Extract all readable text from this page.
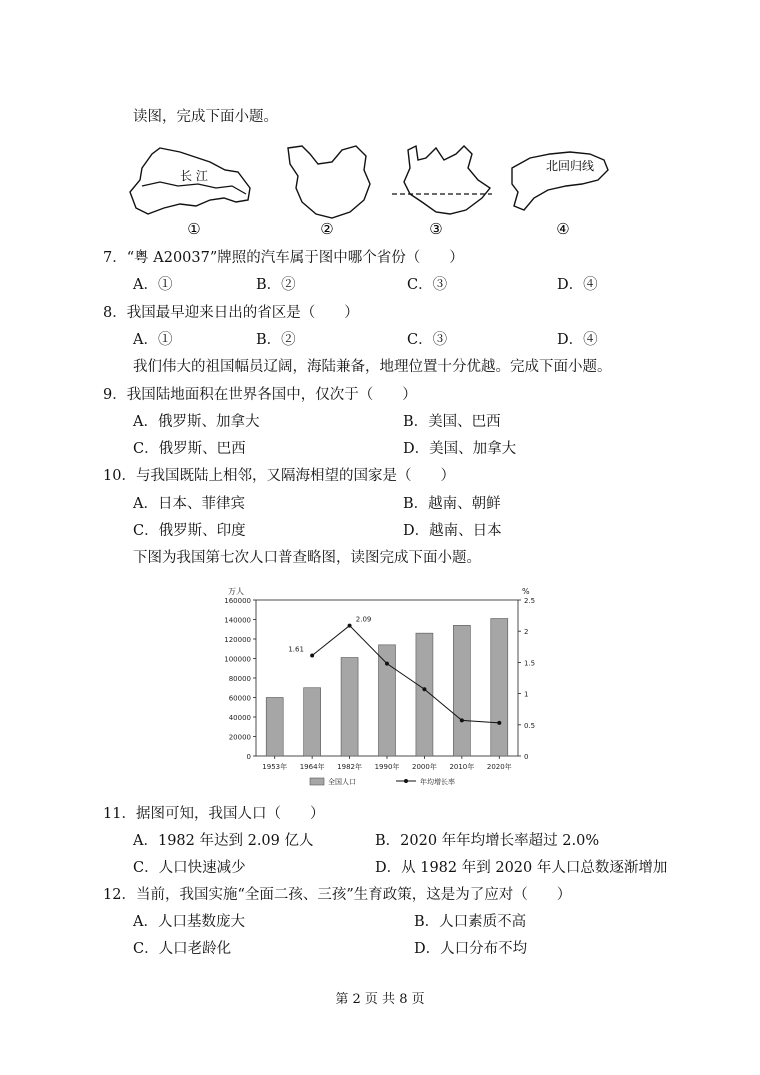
读图，完成下面小题。
长 江
北回归线
①	②	③	④
7．“粤 A20037”牌照的汽车属于图中哪个省份（　　）
A．①	B．②	C．③	D．④
8．我国最早迎来日出的省区是（　　）
A．①	B．②	C．③	D．④
我们伟大的祖国幅员辽阔，海陆兼备，地理位置十分优越。完成下面小题。
9．我国陆地面积在世界各国中，仅次于（　　）
A．俄罗斯、加拿大	B．美国、巴西
C．俄罗斯、巴西	D．美国、加拿大
10．与我国既陆上相邻，又隔海相望的国家是（　　）
A．日本、菲律宾	B．越南、朝鲜
C．俄罗斯、印度	D．越南、日本
下图为我国第七次人口普查略图，读图完成下面小题。
0
20000
40000
60000
80000
100000
120000
140000
160000
0
0.5
1
1.5
2
2.5
万人	%
1953年 1964年 1982年 1990年 2000年 2010年 2020年
1.61
2.09
全国人口	年均增长率
11．据图可知，我国人口（　　）
A．1982 年达到 2.09 亿人	B．2020 年年均增长率超过 2.0%
C．人口快速减少	D．从 1982 年到 2020 年人口总数逐渐增加
12．当前，我国实施“全面二孩、三孩”生育政策，这是为了应对（　　）
A．人口基数庞大	B．人口素质不高
C．人口老龄化	D．人口分布不均
第 2 页 共 8 页
